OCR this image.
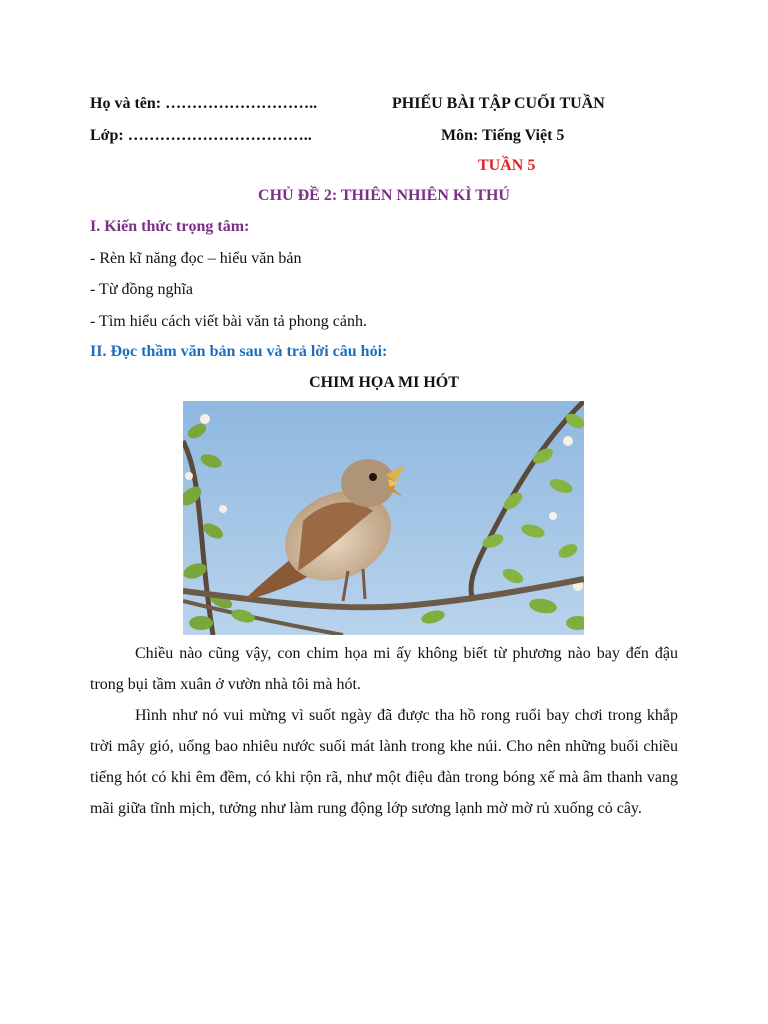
Họ và tên: ………………………..	PHIẾU BÀI TẬP CUỐI TUẦN
Lớp: ……………………………..	Môn: Tiếng Việt 5
TUẦN 5
CHỦ ĐỀ 2: THIÊN NHIÊN KÌ THÚ
I. Kiến thức trọng tâm:
- Rèn kĩ năng đọc – hiểu văn bản
- Từ đồng nghĩa
- Tìm hiểu cách viết bài văn tả phong cảnh.
II. Đọc thầm văn bản sau và trả lời câu hỏi:
CHIM HỌA MI HÓT

Chiều nào cũng vậy, con chim họa mi ấy không biết từ phương nào bay đến đậu trong bụi tầm xuân ở vườn nhà tôi mà hót.

Hình như nó vui mừng vì suốt ngày đã được tha hồ rong ruổi bay chơi trong khắp trời mây gió, uống bao nhiêu nước suối mát lành trong khe núi. Cho nên những buổi chiều tiếng hót có khi êm đềm, có khi rộn rã, như một điệu đàn trong bóng xế mà âm thanh vang mãi giữa tĩnh mịch, tưởng như làm rung động lớp sương lạnh mờ mờ rủ xuống cỏ cây.
